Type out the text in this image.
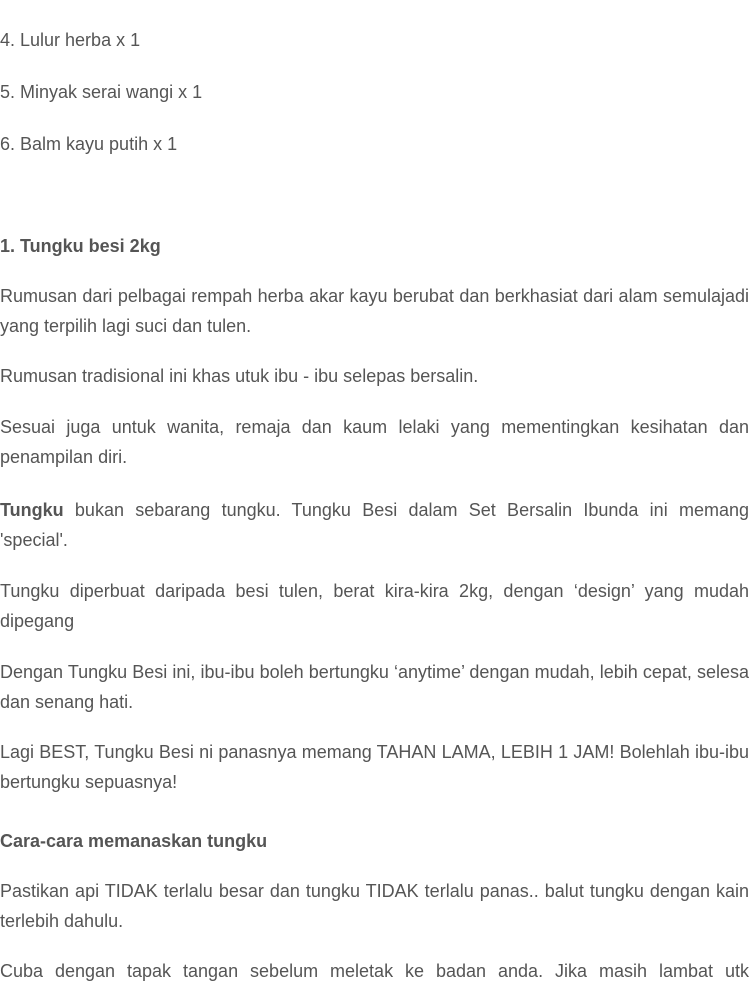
4. Lulur herba x 1
5. Minyak serai wangi x 1
6. Balm kayu putih x 1
1. Tungku besi 2kg
Rumusan dari pelbagai rempah herba akar kayu berubat dan berkhasiat dari alam semulajadi yang terpilih lagi suci dan tulen.
Rumusan tradisional ini khas utuk ibu - ibu selepas bersalin.
Sesuai juga untuk wanita, remaja dan kaum lelaki yang mementingkan kesihatan dan penampilan diri.
Tungku bukan sebarang tungku. Tungku Besi dalam Set Bersalin Ibunda ini memang 'special'.
Tungku diperbuat daripada besi tulen, berat kira-kira 2kg, dengan ‘design’ yang mudah dipegang
Dengan Tungku Besi ini, ibu-ibu boleh bertungku ‘anytime’ dengan mudah, lebih cepat, selesa dan senang hati.
Lagi BEST, Tungku Besi ni panasnya memang TAHAN LAMA, LEBIH 1 JAM! Bolehlah ibu-ibu bertungku sepuasnya!
Cara-cara memanaskan tungku
Pastikan api TIDAK terlalu besar dan tungku TIDAK terlalu panas.. balut tungku dengan kain terlebih dahulu.
Cuba dengan tapak tangan sebelum meletak ke badan anda. Jika masih lambat utk
